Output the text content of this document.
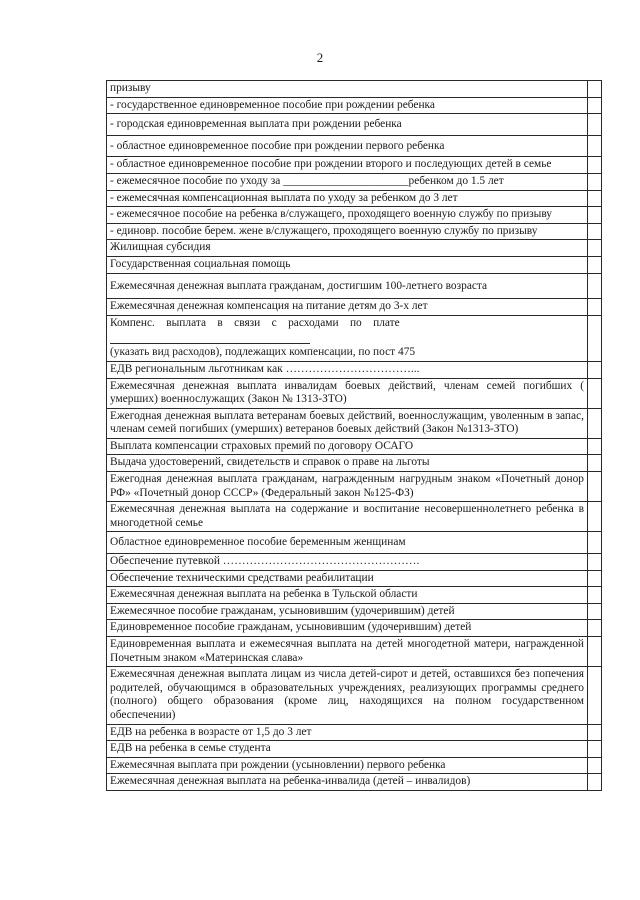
2
призыву	
- государственное единовременное пособие при рождении ребенка	
- городская единовременная выплата при рождении ребенка	
- областное единовременное пособие при рождении первого ребенка	
- областное единовременное пособие при рождении второго и последующих детей в семье	
- ежемесячное пособие по уходу за ______________________ребенком до 1.5 лет	
- ежемесячная компенсационная выплата по уходу за ребенком до 3 лет	
- ежемесячное пособие на ребенка в/служащего, проходящего военную службу по призыву	
- единовр. пособие берем. жене в/служащего, проходящего военную службу по призыву	
Жилищная субсидия	
Государственная социальная помощь	
Ежемесячная денежная выплата гражданам, достигшим 100-летнего возраста	
Ежемесячная денежная компенсация на питание детям до 3-х лет	

Компенс.    выплата    в    связи    с    расходами    по    плате
(указать вид расходов), подлежащих компенсации, по пост 475	

ЕДВ региональным льготникам как ……………………………...	
Ежемесячная денежная выплата инвалидам боевых действий, членам семей погибших ( умерших) военнослужащих (Закон № 1313-ЗТО)	
Ежегодная денежная выплата ветеранам боевых действий, военнослужащим, уволенным в запас, членам семей погибших (умерших) ветеранов боевых действий (Закон №1313-ЗТО)	
Выплата компенсации страховых премий по договору ОСАГО	
Выдача удостоверений, свидетельств и справок о праве на льготы	
Ежегодная денежная выплата гражданам, награжденным нагрудным знаком «Почетный донор РФ» «Почетный донор СССР» (Федеральный закон №125-ФЗ)	
Ежемесячная денежная выплата на содержание и воспитание несовершеннолетнего ребенка в многодетной семье	
Областное единовременное пособие беременным женщинам	
Обеспечение путевкой …………………………………………….	
Обеспечение техническими средствами реабилитации	
Ежемесячная денежная выплата на ребенка в Тульской области	
Ежемесячное пособие гражданам, усыновившим (удочерившим) детей	
Единовременное пособие гражданам, усыновившим (удочерившим) детей	
Единовременная выплата и ежемесячная выплата на детей многодетной матери, награжденной Почетным знаком «Материнская слава»	
Ежемесячная денежная выплата лицам из числа детей-сирот и детей, оставшихся без попечения родителей, обучающимся в образовательных учреждениях, реализующих программы среднего (полного) общего образования (кроме лиц, находящихся на полном государственном обеспечении)	
ЕДВ на ребенка в возрасте от 1,5 до 3 лет	
ЕДВ на ребенка в семье студента	
Ежемесячная выплата при рождении (усыновлении) первого ребенка	
Ежемесячная денежная выплата на ребенка-инвалида (детей – инвалидов)	
